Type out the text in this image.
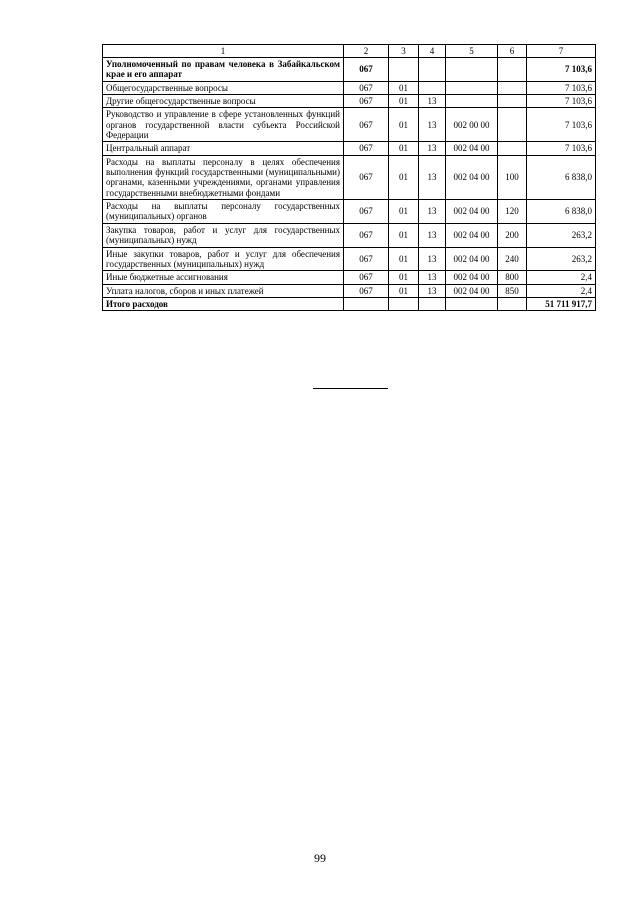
1	2	3	4	5	6	7
Уполномоченный по правам человека в Забайкальском крае и его аппарат	067					7 103,6
Общегосударственные вопросы	067	01				7 103,6
Другие общегосударственные вопросы	067	01	13			7 103,6
Руководство и управление в сфере установленных функций органов государственной власти субъекта Российской Федерации	067	01	13	002 00 00		7 103,6
Центральный аппарат	067	01	13	002 04 00		7 103,6
Расходы на выплаты персоналу в целях обеспечения выполнения функций государственными (муниципальными) органами, казенными учреждениями, органами управления государственными внебюджетными фондами	067	01	13	002 04 00	100	6 838,0
Расходы на выплаты персоналу государственных (муниципальных) органов	067	01	13	002 04 00	120	6 838,0
Закупка товаров, работ и услуг для государственных (муниципальных) нужд	067	01	13	002 04 00	200	263,2
Иные закупки товаров, работ и услуг для обеспечения государственных (муниципальных) нужд	067	01	13	002 04 00	240	263,2
Иные бюджетные ассигнования	067	01	13	002 04 00	800	2,4
Уплата налогов, сборов и иных платежей	067	01	13	002 04 00	850	2,4
Итого расходов						51 711 917,7
99
